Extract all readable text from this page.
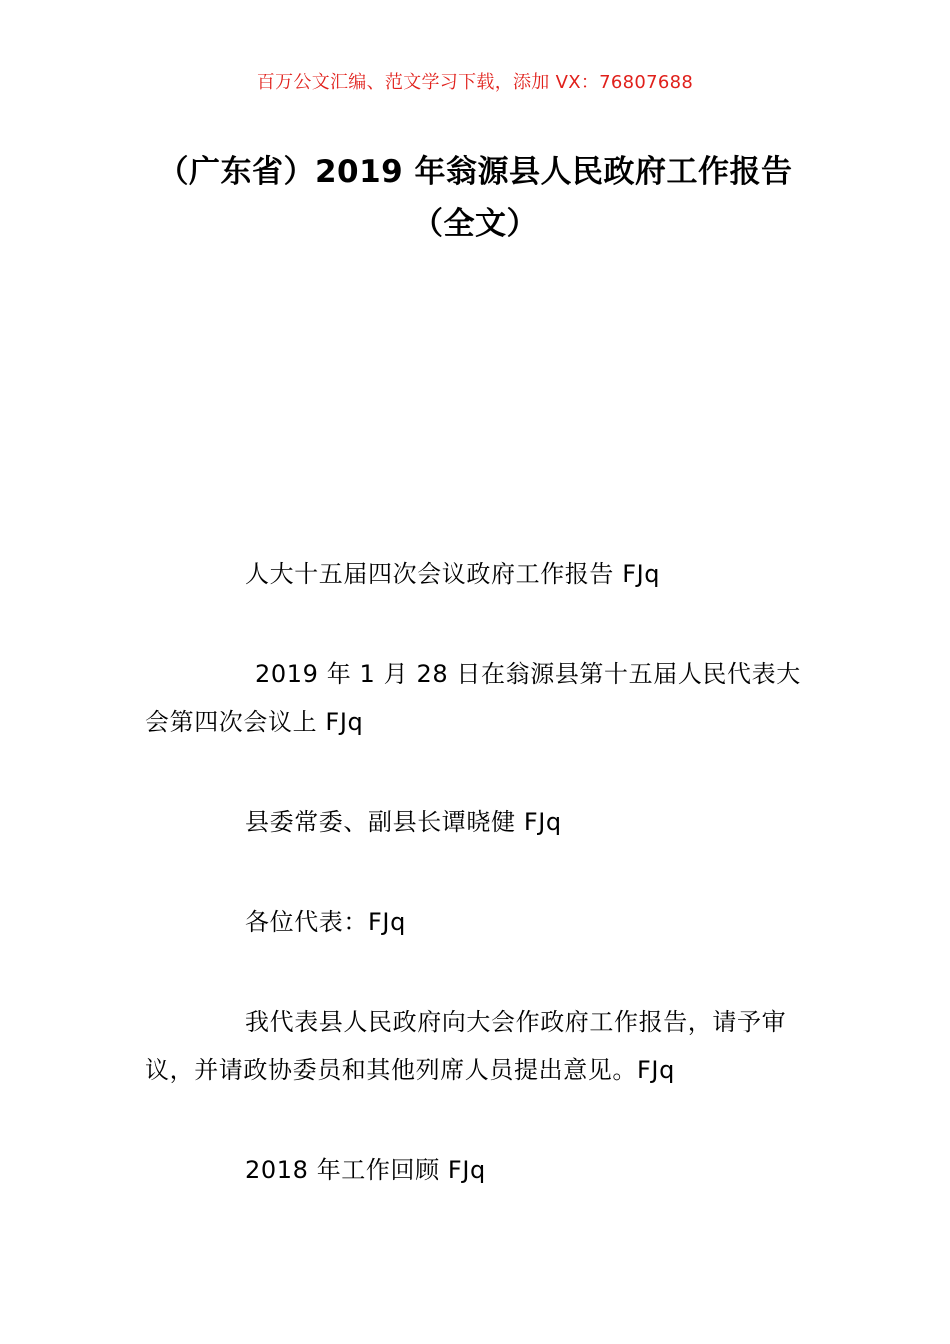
百万公文汇编、范文学习下载，添加 VX：76807688
（广东省）2019 年翁源县人民政府工作报告（全文）

人大十五届四次会议政府工作报告 FJq

2019 年 1 月 28 日在翁源县第十五届人民代表大会第四次会议上 FJq

县委常委、副县长谭晓健 FJq

各位代表：FJq

我代表县人民政府向大会作政府工作报告，请予审议，并请政协委员和其他列席人员提出意见。FJq

2018 年工作回顾 FJq
